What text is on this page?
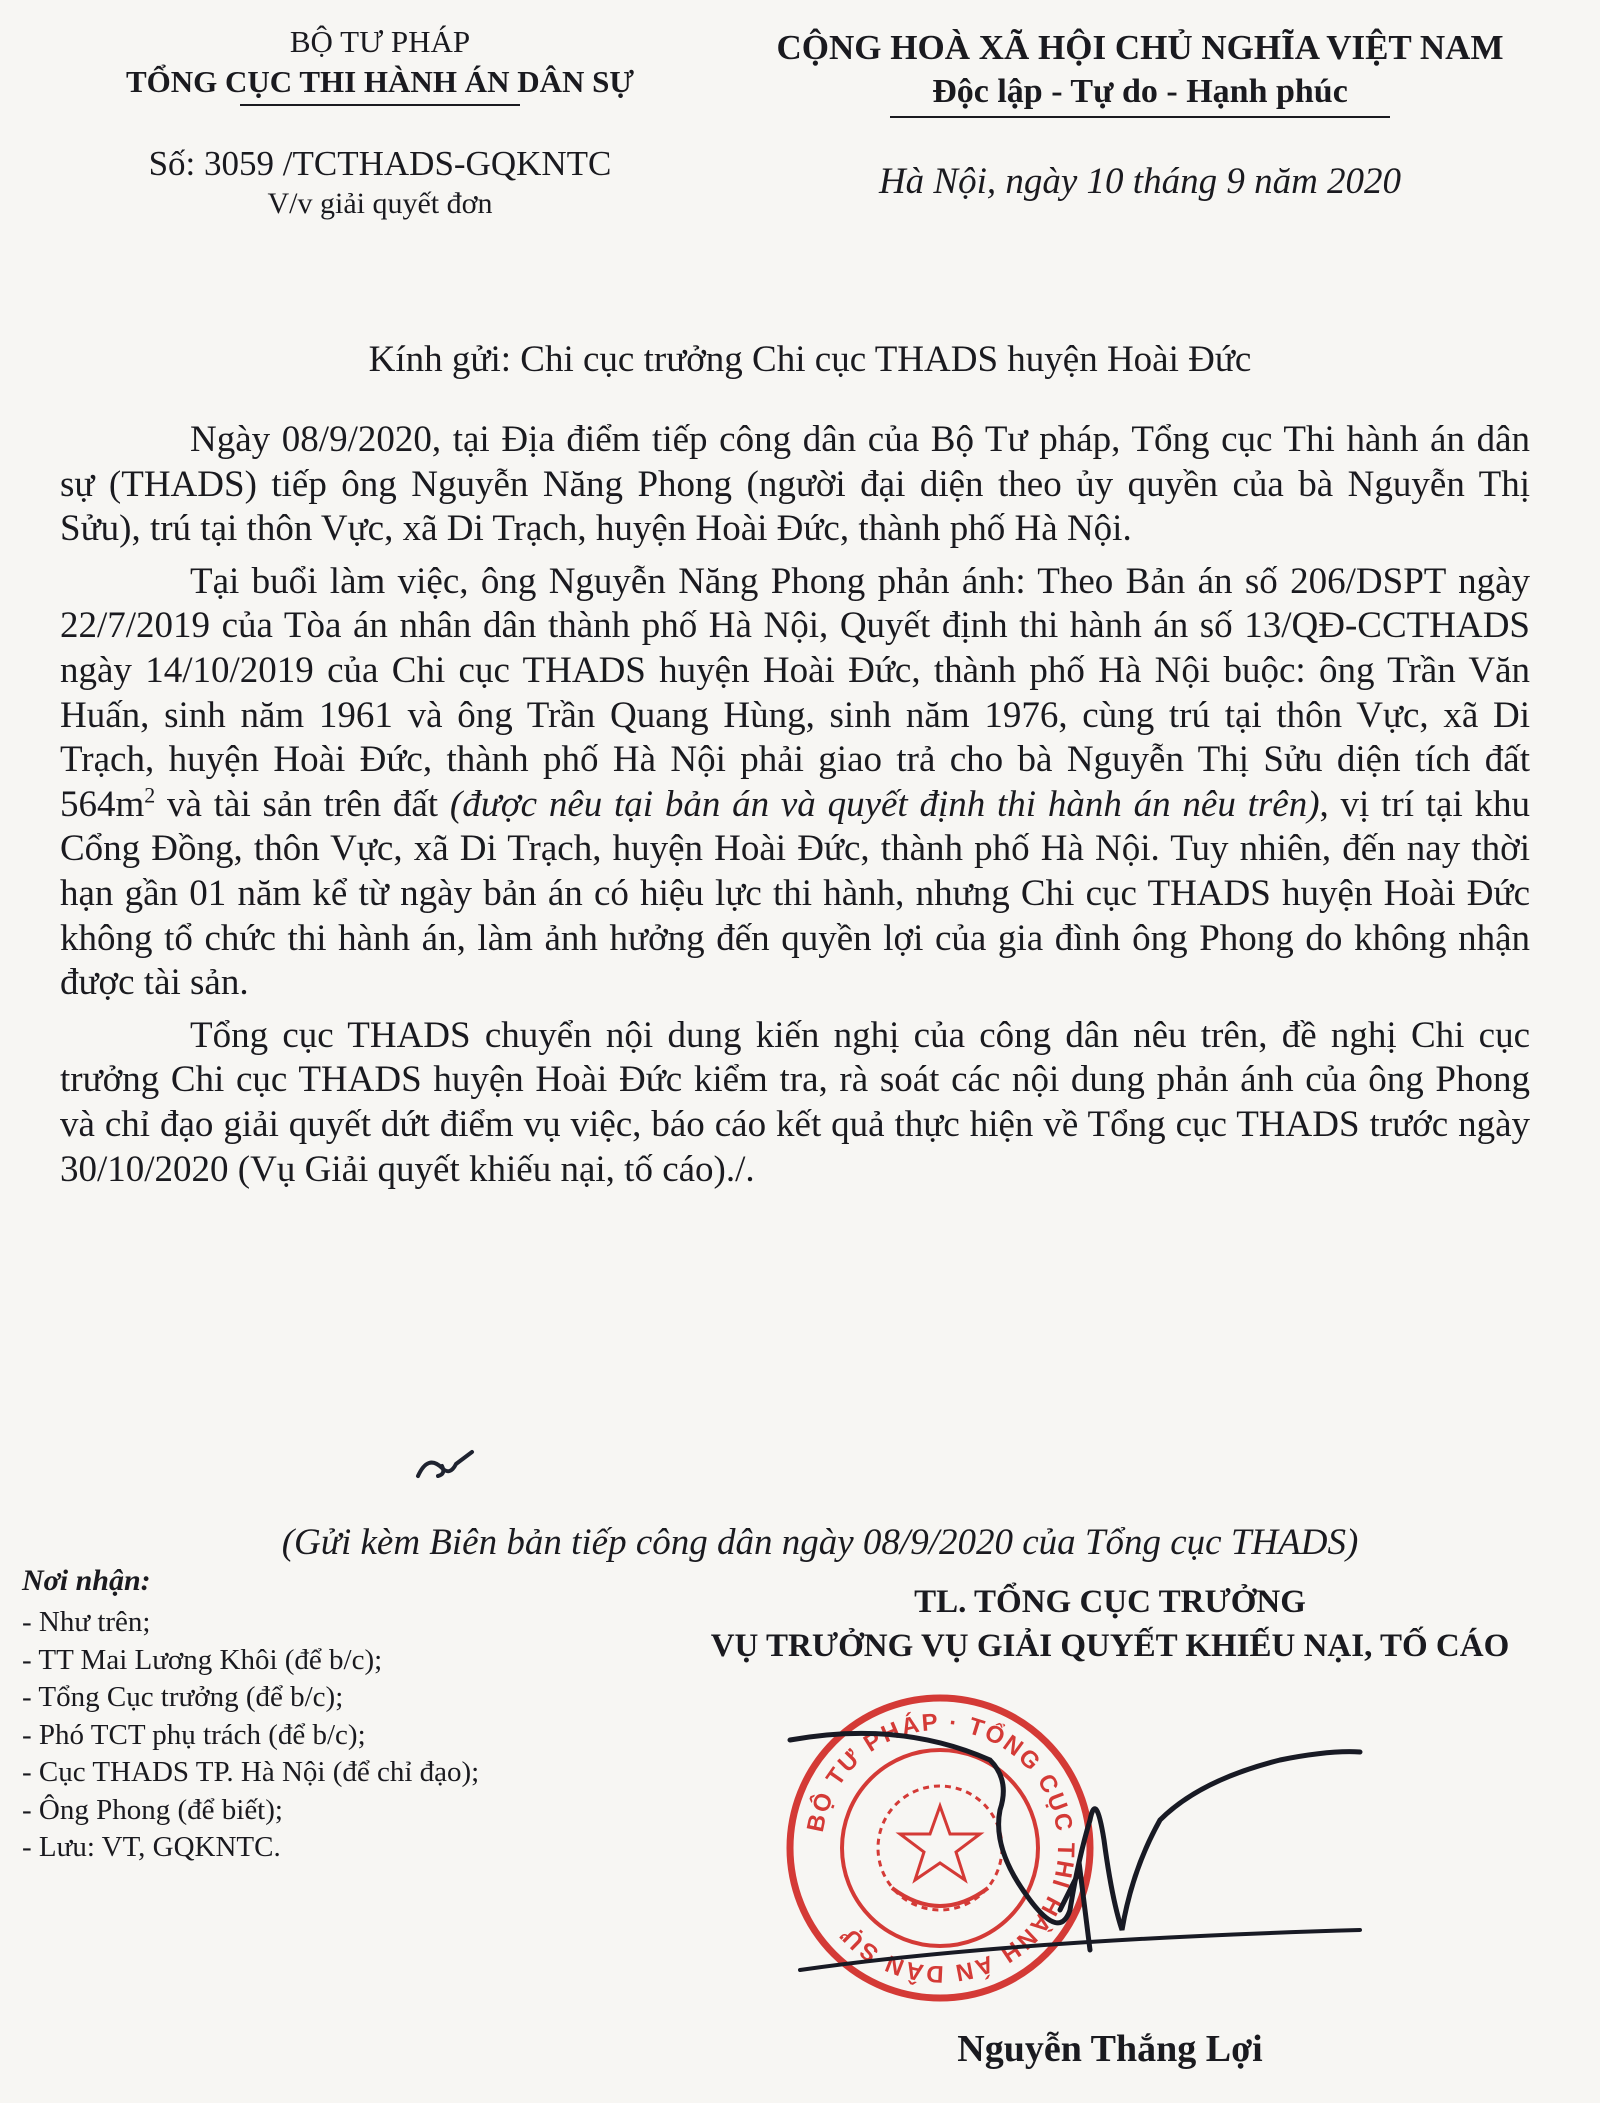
BỘ TƯ PHÁP
TỔNG CỤC THI HÀNH ÁN DÂN SỰ
Số: 3059 /TCTHADS-GQKNTC
V/v giải quyết đơn
CỘNG HOÀ XÃ HỘI CHỦ NGHĨA VIỆT NAM
Độc lập - Tự do - Hạnh phúc
Hà Nội, ngày 10 tháng 9 năm 2020
Kính gửi: Chi cục trưởng Chi cục THADS huyện Hoài Đức

Ngày 08/9/2020, tại Địa điểm tiếp công dân của Bộ Tư pháp, Tổng cục Thi hành án dân sự (THADS) tiếp ông Nguyễn Năng Phong (người đại diện theo ủy quyền của bà Nguyễn Thị Sửu), trú tại thôn Vực, xã Di Trạch, huyện Hoài Đức, thành phố Hà Nội.

Tại buổi làm việc, ông Nguyễn Năng Phong phản ánh: Theo Bản án số 206/DSPT ngày 22/7/2019 của Tòa án nhân dân thành phố Hà Nội, Quyết định thi hành án số 13/QĐ-CCTHADS ngày 14/10/2019 của Chi cục THADS huyện Hoài Đức, thành phố Hà Nội buộc: ông Trần Văn Huấn, sinh năm 1961 và ông Trần Quang Hùng, sinh năm 1976, cùng trú tại thôn Vực, xã Di Trạch, huyện Hoài Đức, thành phố Hà Nội phải giao trả cho bà Nguyễn Thị Sửu diện tích đất $564m^2$ và tài sản trên đất (được nêu tại bản án và quyết định thi hành án nêu trên), vị trí tại khu Cổng Đồng, thôn Vực, xã Di Trạch, huyện Hoài Đức, thành phố Hà Nội. Tuy nhiên, đến nay thời hạn gần 01 năm kể từ ngày bản án có hiệu lực thi hành, nhưng Chi cục THADS huyện Hoài Đức không tổ chức thi hành án, làm ảnh hưởng đến quyền lợi của gia đình ông Phong do không nhận được tài sản.

Tổng cục THADS chuyển nội dung kiến nghị của công dân nêu trên, đề nghị Chi cục trưởng Chi cục THADS huyện Hoài Đức kiểm tra, rà soát các nội dung phản ánh của ông Phong và chỉ đạo giải quyết dứt điểm vụ việc, báo cáo kết quả thực hiện về Tổng cục THADS trước ngày 30/10/2020 (Vụ Giải quyết khiếu nại, tố cáo)./.

(Gửi kèm Biên bản tiếp công dân ngày 08/9/2020 của Tổng cục THADS)
Nơi nhận:
- Như trên;
- TT Mai Lương Khôi (để b/c);
- Tổng Cục trưởng (để b/c);
- Phó TCT phụ trách (để b/c);
- Cục THADS TP. Hà Nội (để chỉ đạo);
- Ông Phong (để biết);
- Lưu: VT, GQKNTC.
TL. TỔNG CỤC TRƯỞNG
VỤ TRƯỞNG VỤ GIẢI QUYẾT KHIẾU NẠI, TỐ CÁO
BỘ TƯ PHÁP · TỔNG CỤC THI HÀNH ÁN DÂN SỰ
Nguyễn Thắng Lợi
